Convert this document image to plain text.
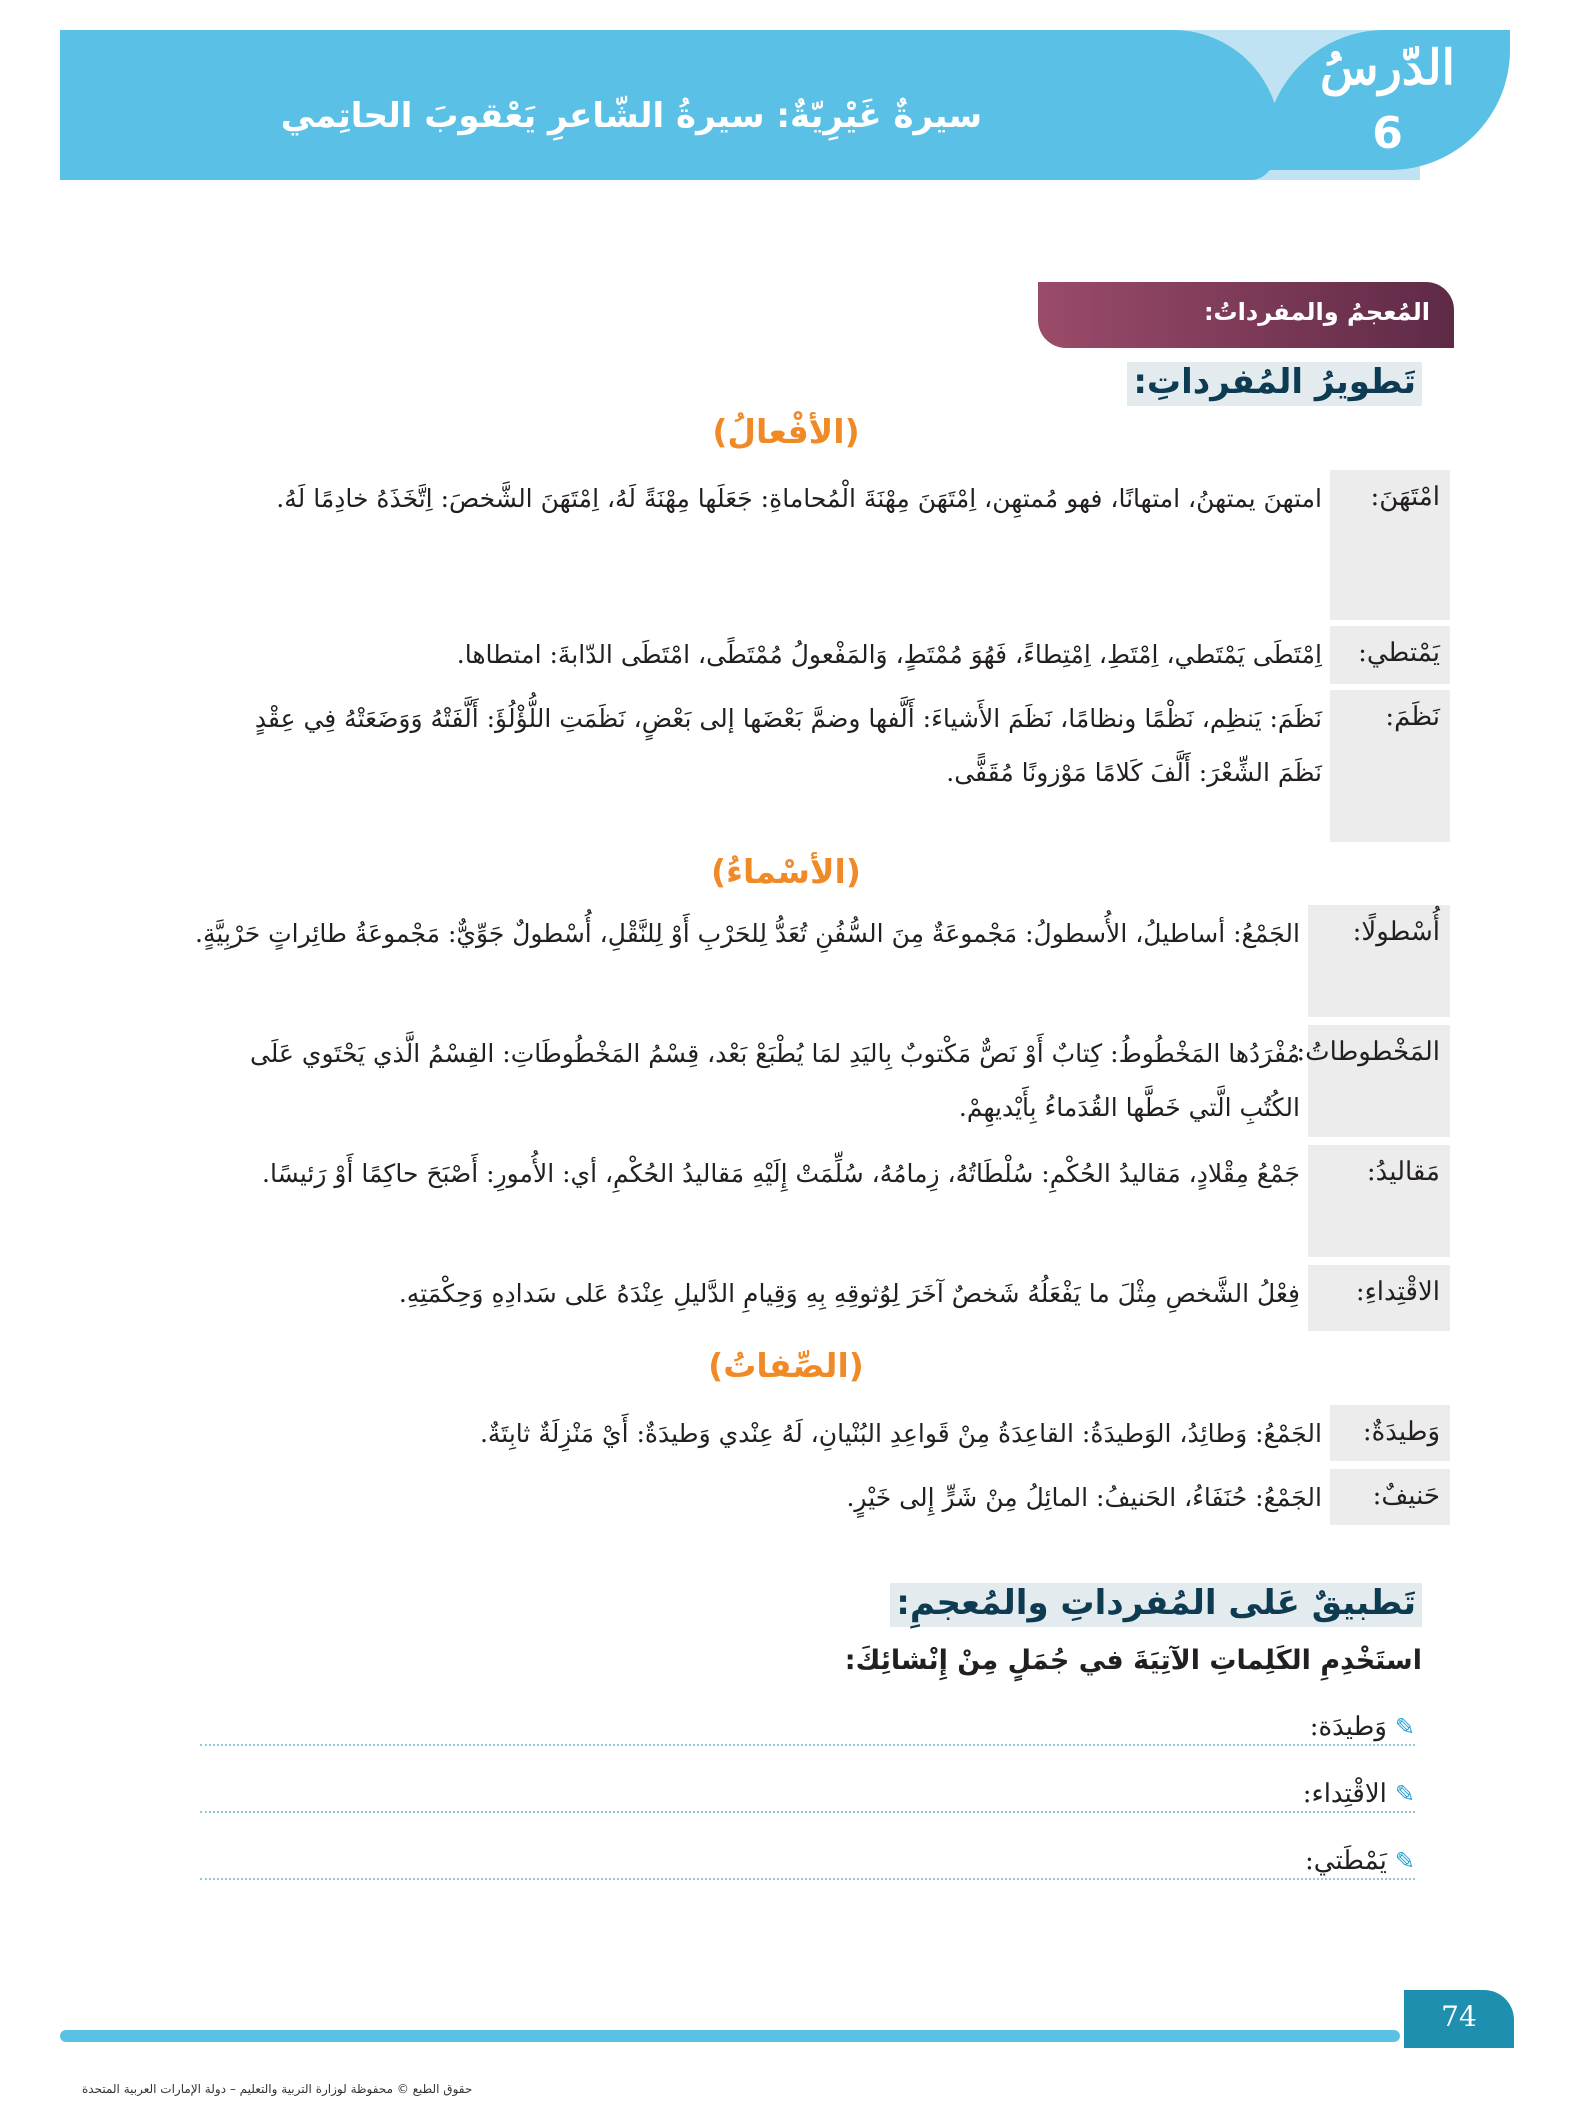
سيرةٌ غَيْرِيّةٌ: سيرةُ الشّاعرِ يَعْقوبَ الحاتِمي
الدّرسُ
6
المُعجمُ والمفرداتُ:
تَطويرُ المُفرداتِ:
(الأفْعالُ)
امْتَهَنَ:
امتهنَ يمتهنُ، امتهانًا، فهو مُمتهِن، اِمْتَهَنَ مِهْنَةَ الْمُحاماةِ: جَعَلَها مِهْنَةً لَهُ، اِمْتَهَنَ الشَّخصَ: اِتَّخَذَهُ خادِمًا لَهُ.
يَمْتطي:
اِمْتَطَى يَمْتَطي، اِمْتَطِ، اِمْتِطاءً، فَهُوَ مُمْتَطٍ، وَالمَفْعولُ مُمْتَطًى، امْتَطَى الدّابةَ: امتطاها.
نَظَمَ:
نَظَمَ: يَنظِم، نَظْمًا ونظامًا، نَظَمَ الأَشياءَ: أَلَّفها وضمَّ بَعْضَها إلى بَعْضٍ، نَظَمَتِ اللُّؤْلُؤَ: أَلَّفَتْهُ وَوَضَعَتْهُ فِي عِقْدٍ
نَظَمَ الشِّعْرَ: أَلَّفَ كَلامًا مَوْزونًا مُقَفًّى.
(الأسْماءُ)
أُسْطولًا:
الجَمْعُ: أساطيلُ، الأُسطولُ: مَجْموعَةٌ مِنَ السُّفُنِ تُعَدُّ لِلحَرْبِ أَوْ لِلنَّقْلِ، أُسْطولٌ جَوِّيٌّ: مَجْموعَةُ طائِراتٍ حَرْبِيَّةٍ.
المَخْطوطاتُ:
مُفْرَدُها المَخْطُوطُ: كِتابٌ أَوْ نَصٌّ مَكْتوبٌ بِاليَدِ لمَا يُطْبَعْ بَعْد، قِسْمُ المَخْطُوطَاتِ: القِسْمُ الَّذي يَحْتَوي عَلَى الكُتُبِ الَّتي خَطَّها القُدَماءُ بِأَيْديهِمْ.
مَقاليدُ:
جَمْعُ مِقْلادٍ، مَقاليدُ الحُكْمِ: سُلْطَاتُهُ، زِمامُهُ، سُلِّمَتْ إِلَيْهِ مَقاليدُ الحُكْمِ، أي: الأُمورِ: أَصْبَحَ حاكِمًا أَوْ رَئيسًا.
الاقْتِداءِ:
فِعْلُ الشَّخصِ مِثْلَ ما يَفْعَلُهُ شَخصٌ آخَرَ لِوُثوقِهِ بِهِ وَقِيامِ الدَّليلِ عِنْدَهُ عَلى سَدادِهِ وَحِكْمَتِهِ.
(الصِّفاتُ)
وَطيدَةٌ:
الجَمْعُ: وَطائِدُ، الوَطيدَةُ: القاعِدَةُ مِنْ قَواعِدِ البُنْيانِ، لَهُ عِنْدي وَطيدَةٌ: أَيْ مَنْزِلَةٌ ثابِتَةٌ.
حَنيفٌ:
الجَمْعُ: حُنَفَاءُ، الحَنيفُ: المائِلُ مِنْ شَرٍّ إِلى خَيْرٍ.
تَطبيقٌ عَلى المُفرداتِ والمُعجمِ:
استَخْدِمِ الكَلِماتِ الآتِيَةَ في جُمَلٍ مِنْ إِنْشائِكَ:
✎وَطيدَة:
✎الاقْتِداء:
✎يَمْطَتي:
74
حقوق الطبع © محفوظة لوزارة التربية والتعليم – دولة الإمارات العربية المتحدة
